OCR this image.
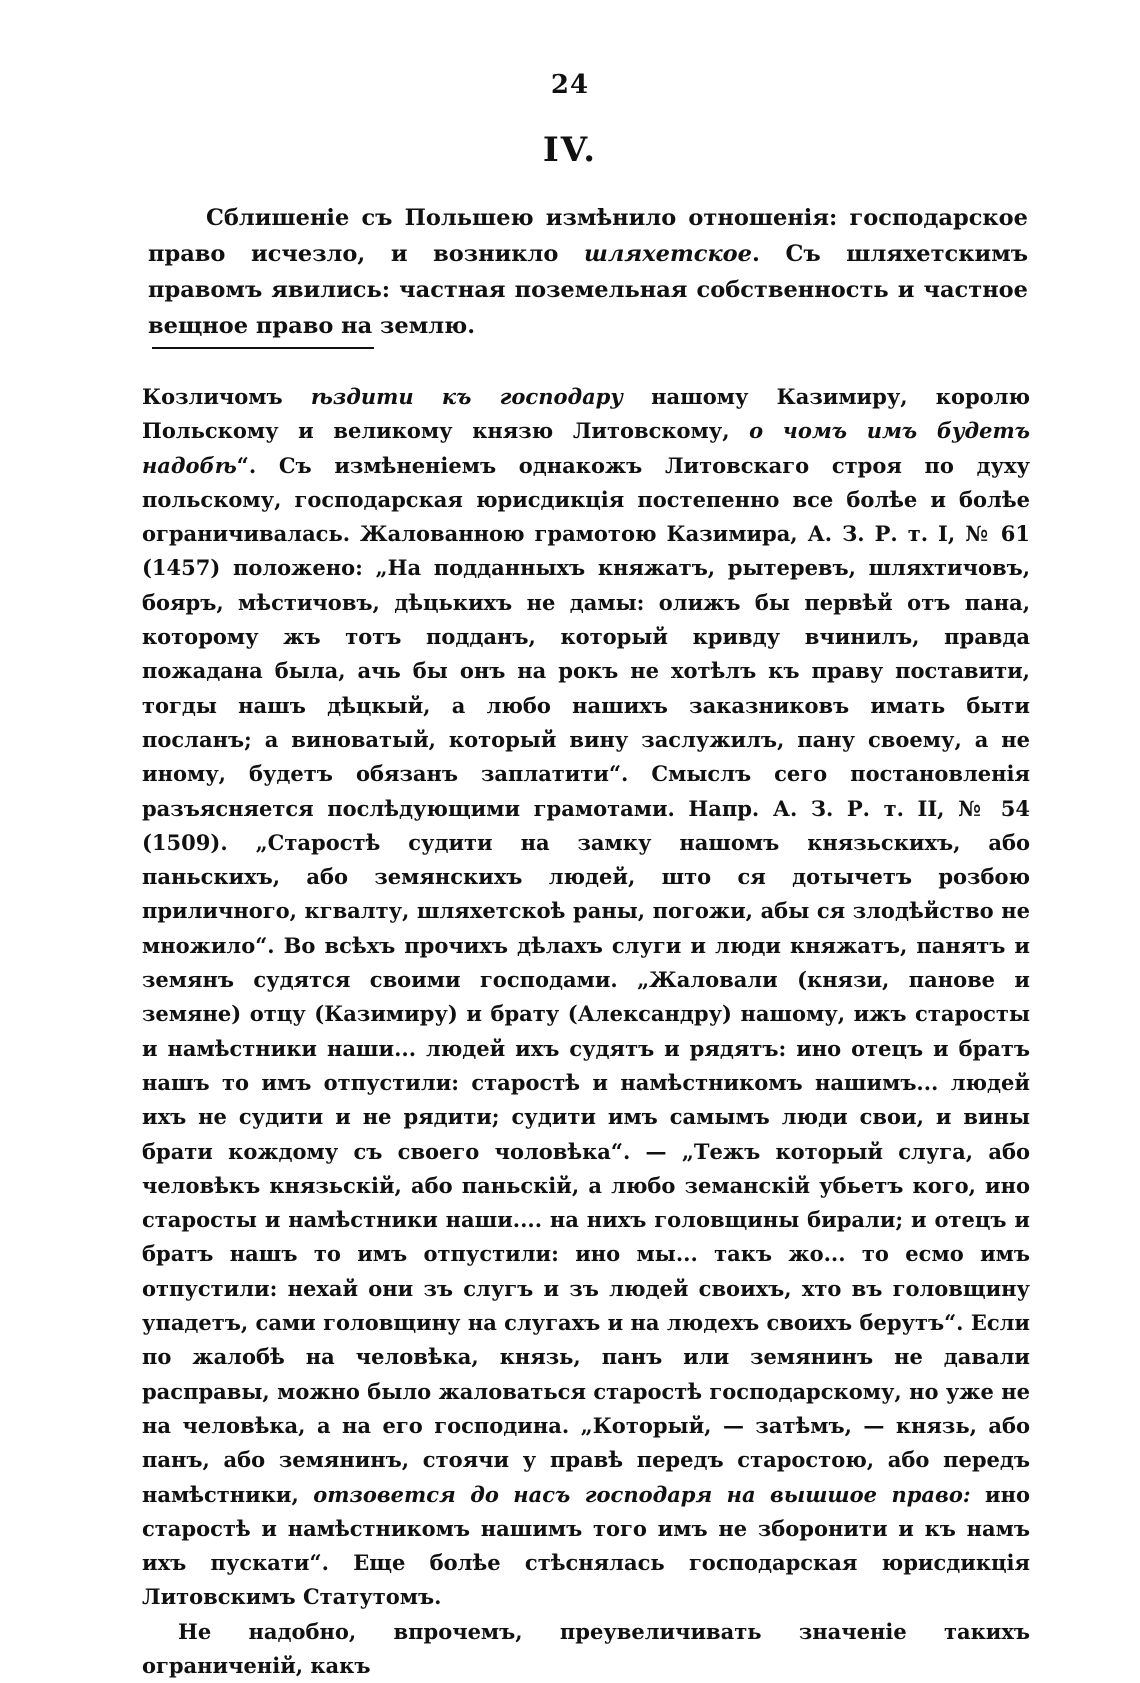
24
IV.

Сблишеніе съ Польшею измѣнило отношенія: господарское право исчезло, и возникло шляхетское. Съ шляхетскимъ правомъ явились: частная поземельная собственность и частное вещное право на землю.

Козличомъ ѣздити къ господару нашому Казимиру, королю Польскому и великому князю Литовскому, о чомъ имъ будетъ надобѣ“. Съ измѣненіемъ однакожъ Литовскаго строя по духу польскому, господарская юрисдикція постепенно все болѣе и болѣе ограничивалась. Жалованною грамотою Казимира, А. З. Р. т. I, № 61 (1457) положено: „На подданныхъ княжатъ, рытеревъ, шляхтичовъ, бояръ, мѣстичовъ, дѣцькихъ не дамы: олижъ бы первѣй отъ пана, которому жъ тотъ подданъ, который кривду вчинилъ, правда пожадана была, ачь бы онъ на рокъ не хотѣлъ къ праву поставити, тогды нашъ дѣцкый, а любо нашихъ заказниковъ имать быти посланъ; а виноватый, который вину заслужилъ, пану своему, а не иному, будетъ обязанъ заплатити“. Смыслъ сего постановленія разъясняется послѣдующими грамотами. Напр. А. З. Р. т. II, № 54 (1509). „Старостѣ судити на замку нашомъ князьскихъ, або паньскихъ, або земянскихъ людей, што ся дотычетъ розбою приличного, кгвалту, шляхетскоѣ раны, погожи, абы ся злодѣйство не множило“. Во всѣхъ прочихъ дѣлахъ слуги и люди княжатъ, панятъ и земянъ судятся своими господами. „Жаловали (князи, панове и земяне) отцу (Казимиру) и брату (Александру) нашому, ижъ старосты и намѣстники наши... людей ихъ судятъ и рядятъ: ино отецъ и братъ нашъ то имъ отпустили: старостѣ и намѣстникомъ нашимъ... людей ихъ не судити и не рядити; судити имъ самымъ люди свои, и вины брати кождому съ своего чоловѣка“. — „Тежъ который слуга, або человѣкъ князьскій, або паньскій, а любо земанскій убьетъ кого, ино старосты и намѣстники наши.... на нихъ головщины бирали; и отецъ и братъ нашъ то имъ отпустили: ино мы... такъ жо... то есмо имъ отпустили: нехай они зъ слугъ и зъ людей своихъ, хто въ головщину упадетъ, сами головщину на слугахъ и на людехъ своихъ берутъ“. Если по жалобѣ на человѣка, князь, панъ или земянинъ не давали расправы, можно было жаловаться старостѣ господарскому, но уже не на человѣка, а на его господина. „Который, — затѣмъ, — князь, або панъ, або земянинъ, стоячи у правѣ передъ старостою, або передъ намѣстники, отзовется до насъ господаря на вышшое право: ино старостѣ и намѣстникомъ нашимъ того имъ не зборонити и къ намъ ихъ пускати“. Еще болѣе стѣснялась господарская юрисдикція Литовскимъ Статутомъ.

Не надобно, впрочемъ, преувеличивать значеніе такихъ ограниченій, какъ
